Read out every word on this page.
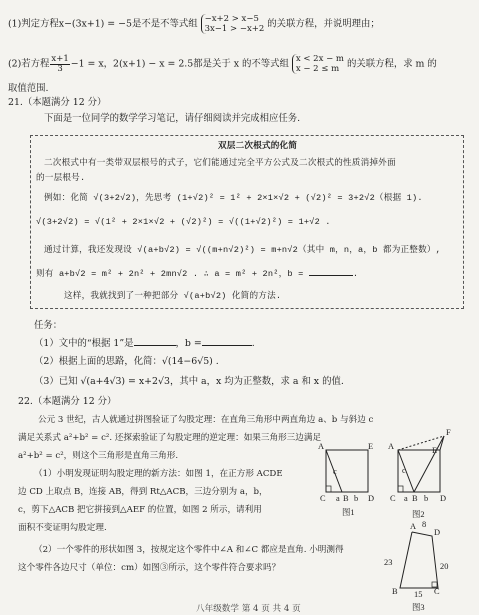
(1)判定方程x−(3x+1) = −5是不是不等式组 −x+2 > x−5
3x−1 > −x+2 的关联方程，并说明理由；
(2)若方程 $\frac{x+1}{3} -1 = x$，2(x+1) − x = 2.5都是关于 x 的不等式组 x < 2x − m
x − 2 ≤ m 的关联方程，求 m 的
取值范围.
21.（本题满分 12 分）
下面是一位同学的数学学习笔记，请仔细阅读并完成相应任务.
双层二次根式的化简
二次根式中有一类带双层根号的式子，它们能通过完全平方公式及二次根式的性质消掉外面
的一层根号.
例如：化简 √(3+2√2)，先思考 (1+√2)² = 1² + 2×1×√2 + (√2)² = 3+2√2（根据 1).
√(3+2√2) = √(1² + 2×1×√2 + (√2)²) = √((1+√2)²) = 1+√2 .
通过计算，我还发现设 √(a+b√2) = √((m+n√2)²) = m+n√2（其中 m，n，a，b 都为正整数）,
则有 a+b√2 = m² + 2n² + 2mn√2 . ∴ a = m² + 2n²，b =	.
这样，我就找到了一种把部分 √(a+b√2) 化简的方法.
任务：
（1）文中的“根据 1”是	，b =	.
（2）根据上面的思路，化简：√(14−6√5) .
（3）已知 √(a+4√3) = x+2√3，其中 a，x 均为正整数，求 a 和 x 的值.
22.（本题满分 12 分）
公元 3 世纪，古人就通过拼图验证了勾股定理：在直角三角形中两直角边 a、b 与斜边 c
满足关系式 a²+b² = c². 还探索验证了勾股定理的逆定理：如果三角形三边满足
a²+b² = c²，则这个三角形是直角三角形.
（1）小明发现证明勾股定理的新方法：如图 1，在正方形 ACDE
边 CD 上取点 B，连接 AB，得到 Rt△ACB，三边分别为 a，b，
c，剪下△ACB 把它拼接到△AEF 的位置，如图 2 所示，请利用
面积不变证明勾股定理.
（2）一个零件的形状如图 3，按规定这个零件中∠A 和∠C 都应是直角. 小明测得
这个零件各边尺寸（单位：cm）如图③所示，这个零件符合要求吗？
A	E
C a B b D
c
图1
A	E
F
C a B b D
c
图2
A 8
D
23	20
B 15 C
图3
八年级数学 第 4 页 共 4 页
